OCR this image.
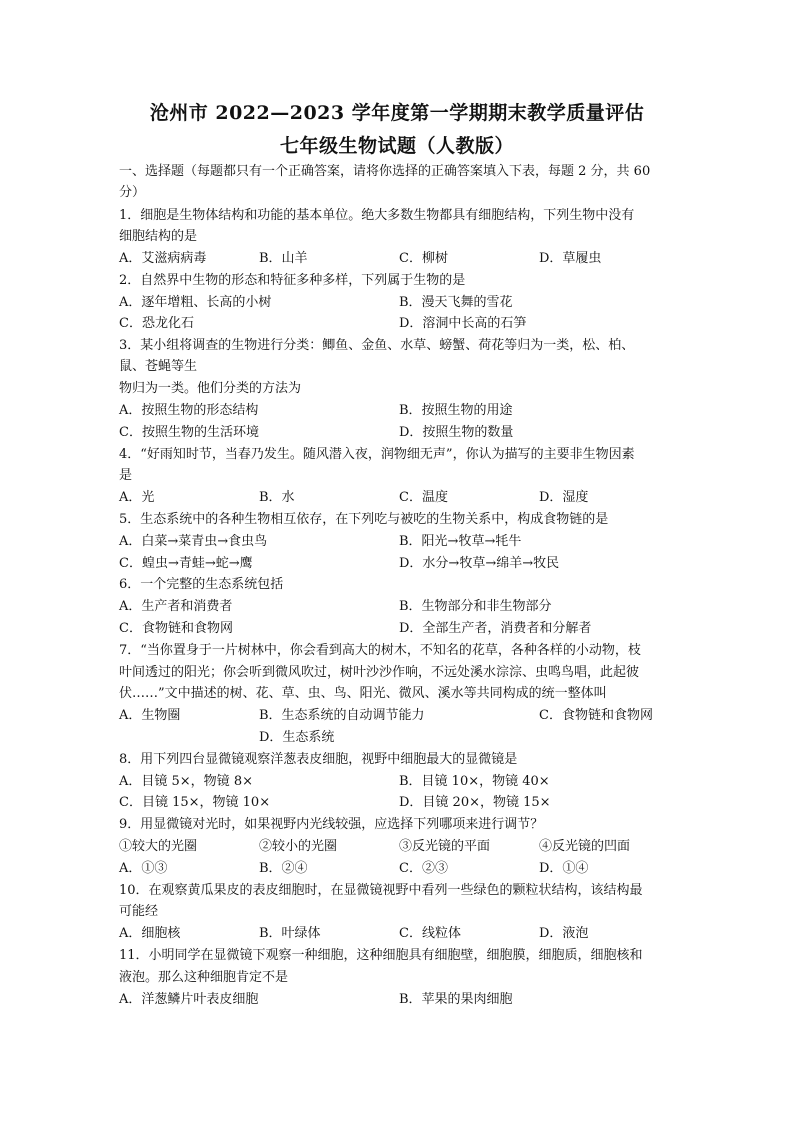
沧州市 2022—2023 学年度第一学期期末教学质量评估
七年级生物试题（人教版）
一、选择题（每题都只有一个正确答案，请将你选择的正确答案填入下表，每题 2 分，共 60
分）
1．细胞是生物体结构和功能的基本单位。绝大多数生物都具有细胞结构，下列生物中没有
细胞结构的是
A．艾滋病病毒	B．山羊	C．柳树	D．草履虫
2．自然界中生物的形态和特征多种多样，下列属于生物的是
A．逐年增粗、长高的小树	B．漫天飞舞的雪花
C．恐龙化石	D．溶洞中长高的石笋
3．某小组将调查的生物进行分类：鲫鱼、金鱼、水草、螃蟹、荷花等归为一类，松、柏、
鼠、苍蝇等生
物归为一类。他们分类的方法为
A．按照生物的形态结构	B．按照生物的用途
C．按照生物的生活环境	D．按照生物的数量
4．“好雨知时节，当春乃发生。随风潜入夜，润物细无声”，你认为描写的主要非生物因素
是
A．光	B．水	C．温度	D．湿度
5．生态系统中的各种生物相互依存，在下列吃与被吃的生物关系中，构成食物链的是
A．白菜→菜青虫→食虫鸟	B．阳光→牧草→牦牛
C．蝗虫→青蛙→蛇→鹰	D．水分→牧草→绵羊→牧民
6．一个完整的生态系统包括
A．生产者和消费者	B．生物部分和非生物部分
C．食物链和食物网	D．全部生产者，消费者和分解者
7．“当你置身于一片树林中，你会看到高大的树木，不知名的花草，各种各样的小动物，枝
叶间透过的阳光；你会听到微风吹过，树叶沙沙作响，不远处溪水淙淙、虫鸣鸟唱，此起彼
伏……”文中描述的树、花、草、虫、鸟、阳光、微风、溪水等共同构成的统一整体叫
A．生物圈	B．生态系统的自动调节能力	C．食物链和食物网
D．生态系统
8．用下列四台显微镜观察洋葱表皮细胞，视野中细胞最大的显微镜是
A．目镜 5×，物镜 8×	B．目镜 10×，物镜 40×
C．目镜 15×，物镜 10×	D．目镜 20×，物镜 15×
9．用显微镜对光时，如果视野内光线较强，应选择下列哪项来进行调节？
①较大的光圈	②较小的光圈	③反光镜的平面	④反光镜的凹面
A．①③	B．②④	C．②③	D．①④
10．在观察黄瓜果皮的表皮细胞时，在显微镜视野中看列一些绿色的颗粒状结构，该结构最
可能经
A．细胞核	B．叶绿体	C．线粒体	D．液泡
11．小明同学在显微镜下观察一种细胞，这种细胞具有细胞壁，细胞膜，细胞质，细胞核和
液泡。那么这种细胞肯定不是
A．洋葱鳞片叶表皮细胞	B．苹果的果肉细胞
